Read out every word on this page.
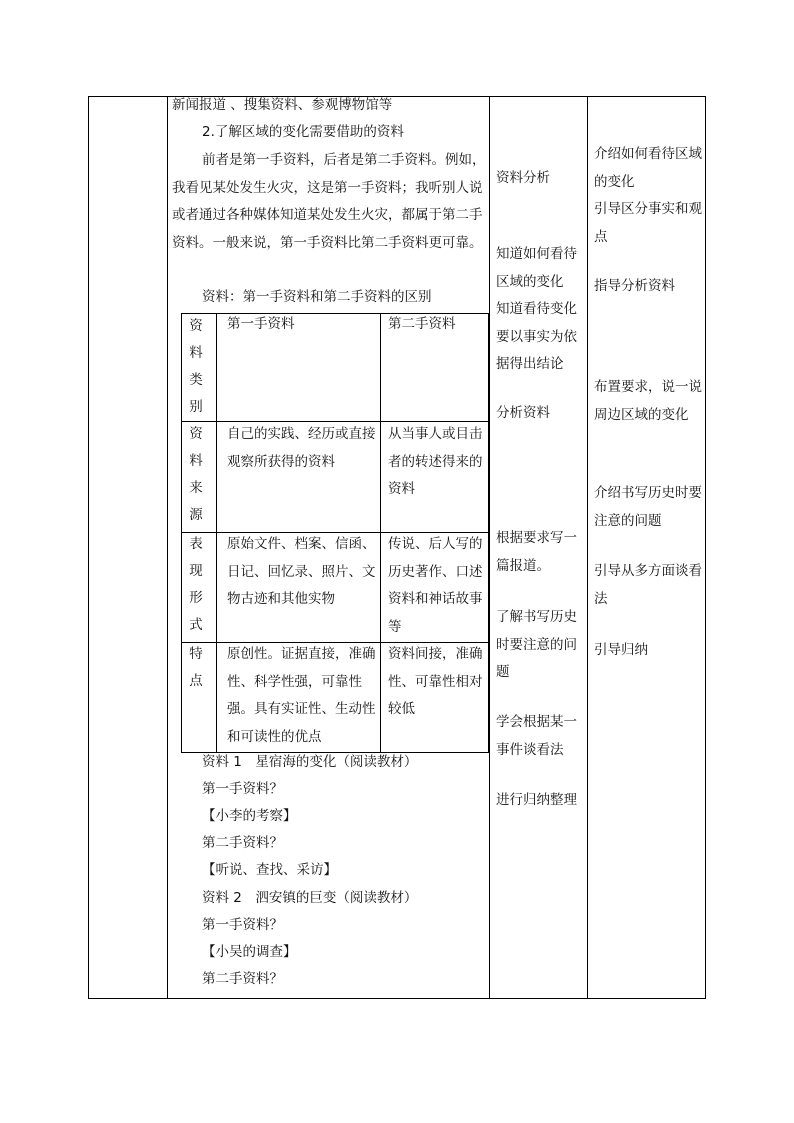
新闻报道 、搜集资料、参观博物馆等
2.了解区域的变化需要借助的资料
前者是第一手资料，后者是第二手资料。例如，我看见某处发生火灾，这是第一手资料；我听别人说或者通过各种媒体知道某处发生火灾，都属于第二手资料。一般来说，第一手资料比第二手资料更可靠。
资料：第一手资料和第二手资料的区别
资料类别
第一手资料	第二手资料
资料来源
自己的实践、经历或直接观察所获得的资料
从当事人或目击者的转述得来的资料
表现形式
原始文件、档案、信函、日记、回忆录、照片、文物古迹和其他实物
传说、后人写的历史著作、口述资料和神话故事等
特点
原创性。证据直接，准确性、科学性强，可靠性强。具有实证性、生动性和可读性的优点
资料间接，准确性、可靠性相对较低
资料 1　星宿海的变化（阅读教材）
第一手资料？
【小李的考察】
第二手资料？
【听说、查找、采访】
资料 2　泗安镇的巨变（阅读教材）
第一手资料？
【小吴的调查】
第二手资料？
资料分析
知道如何看待区域的变化
知道看待变化要以事实为依据得出结论
分析资料
根据要求写一篇报道。
了解书写历史时要注意的问题
学会根据某一事件谈看法
进行归纳整理
介绍如何看待区域的变化
引导区分事实和观点
指导分析资料
布置要求，说一说周边区域的变化
介绍书写历史时要注意的问题
引导从多方面谈看法
引导归纳
